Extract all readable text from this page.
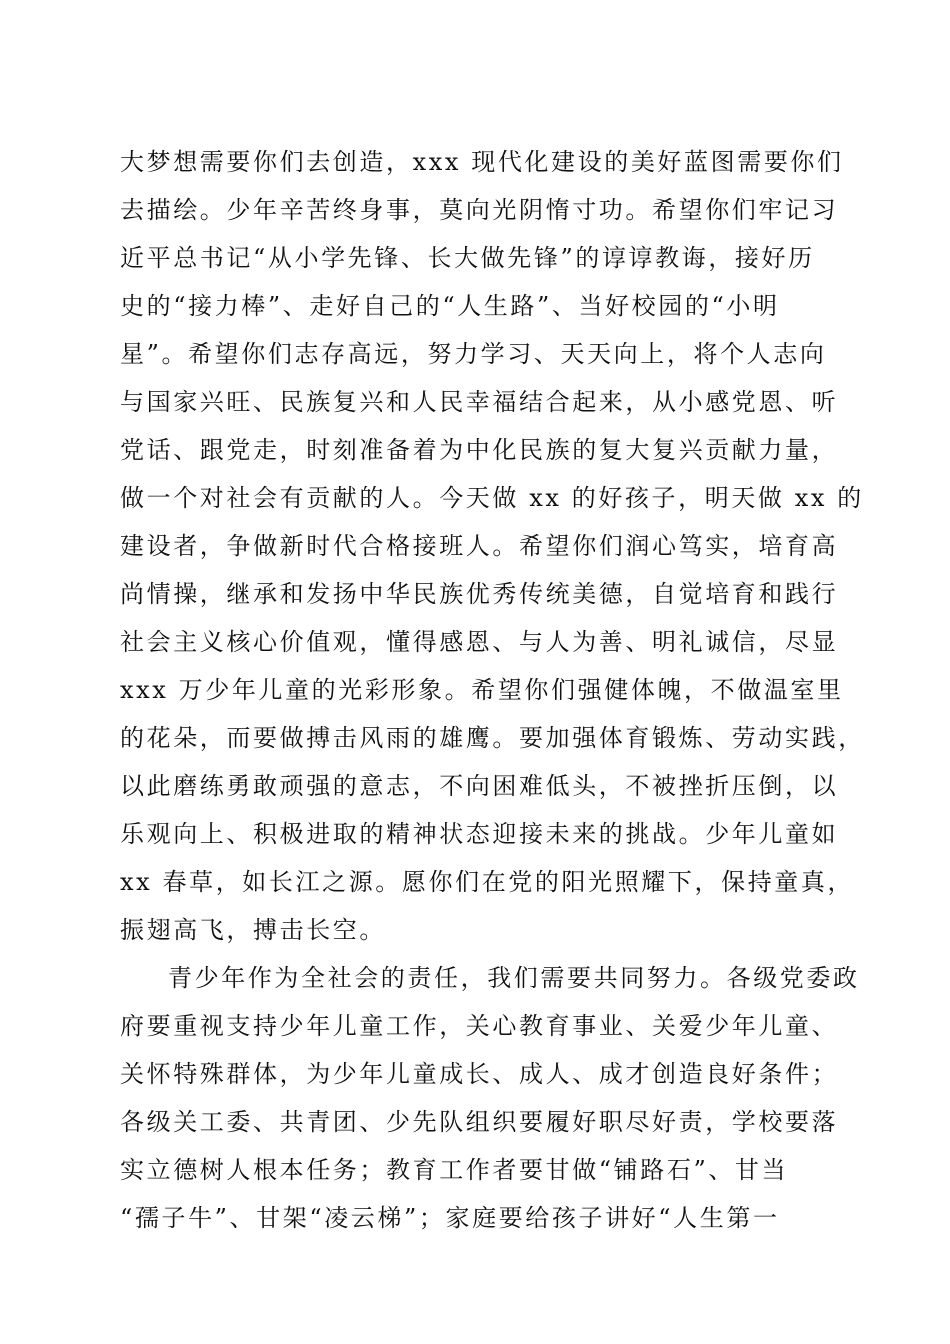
大梦想需要你们去创造，xxx 现代化建设的美好蓝图需要你们
去描绘。少年辛苦终身事，莫向光阴惰寸功。希望你们牢记习
近平总书记“从小学先锋、长大做先锋”的谆谆教诲，接好历
史的“接力棒”、走好自己的“人生路”、当好校园的“小明
星”。希望你们志存高远，努力学习、天天向上，将个人志向
与国家兴旺、民族复兴和人民幸福结合起来，从小感党恩、听
党话、跟党走，时刻准备着为中化民族的复大复兴贡献力量，
做一个对社会有贡献的人。今天做 xx 的好孩子，明天做 xx 的
建设者，争做新时代合格接班人。希望你们润心笃实，培育高
尚情操，继承和发扬中华民族优秀传统美德，自觉培育和践行
社会主义核心价值观，懂得感恩、与人为善、明礼诚信，尽显
xxx 万少年儿童的光彩形象。希望你们强健体魄，不做温室里
的花朵，而要做搏击风雨的雄鹰。要加强体育锻炼、劳动实践，
以此磨练勇敢顽强的意志，不向困难低头，不被挫折压倒，以
乐观向上、积极进取的精神状态迎接未来的挑战。少年儿童如
xx 春草，如长江之源。愿你们在党的阳光照耀下，保持童真，
振翅高飞，搏击长空。
青少年作为全社会的责任，我们需要共同努力。各级党委政
府要重视支持少年儿童工作，关心教育事业、关爱少年儿童、
关怀特殊群体，为少年儿童成长、成人、成才创造良好条件；
各级关工委、共青团、少先队组织要履好职尽好责，学校要落
实立德树人根本任务；教育工作者要甘做“铺路石”、甘当
“孺子牛”、甘架“凌云梯”；家庭要给孩子讲好“人生第一
